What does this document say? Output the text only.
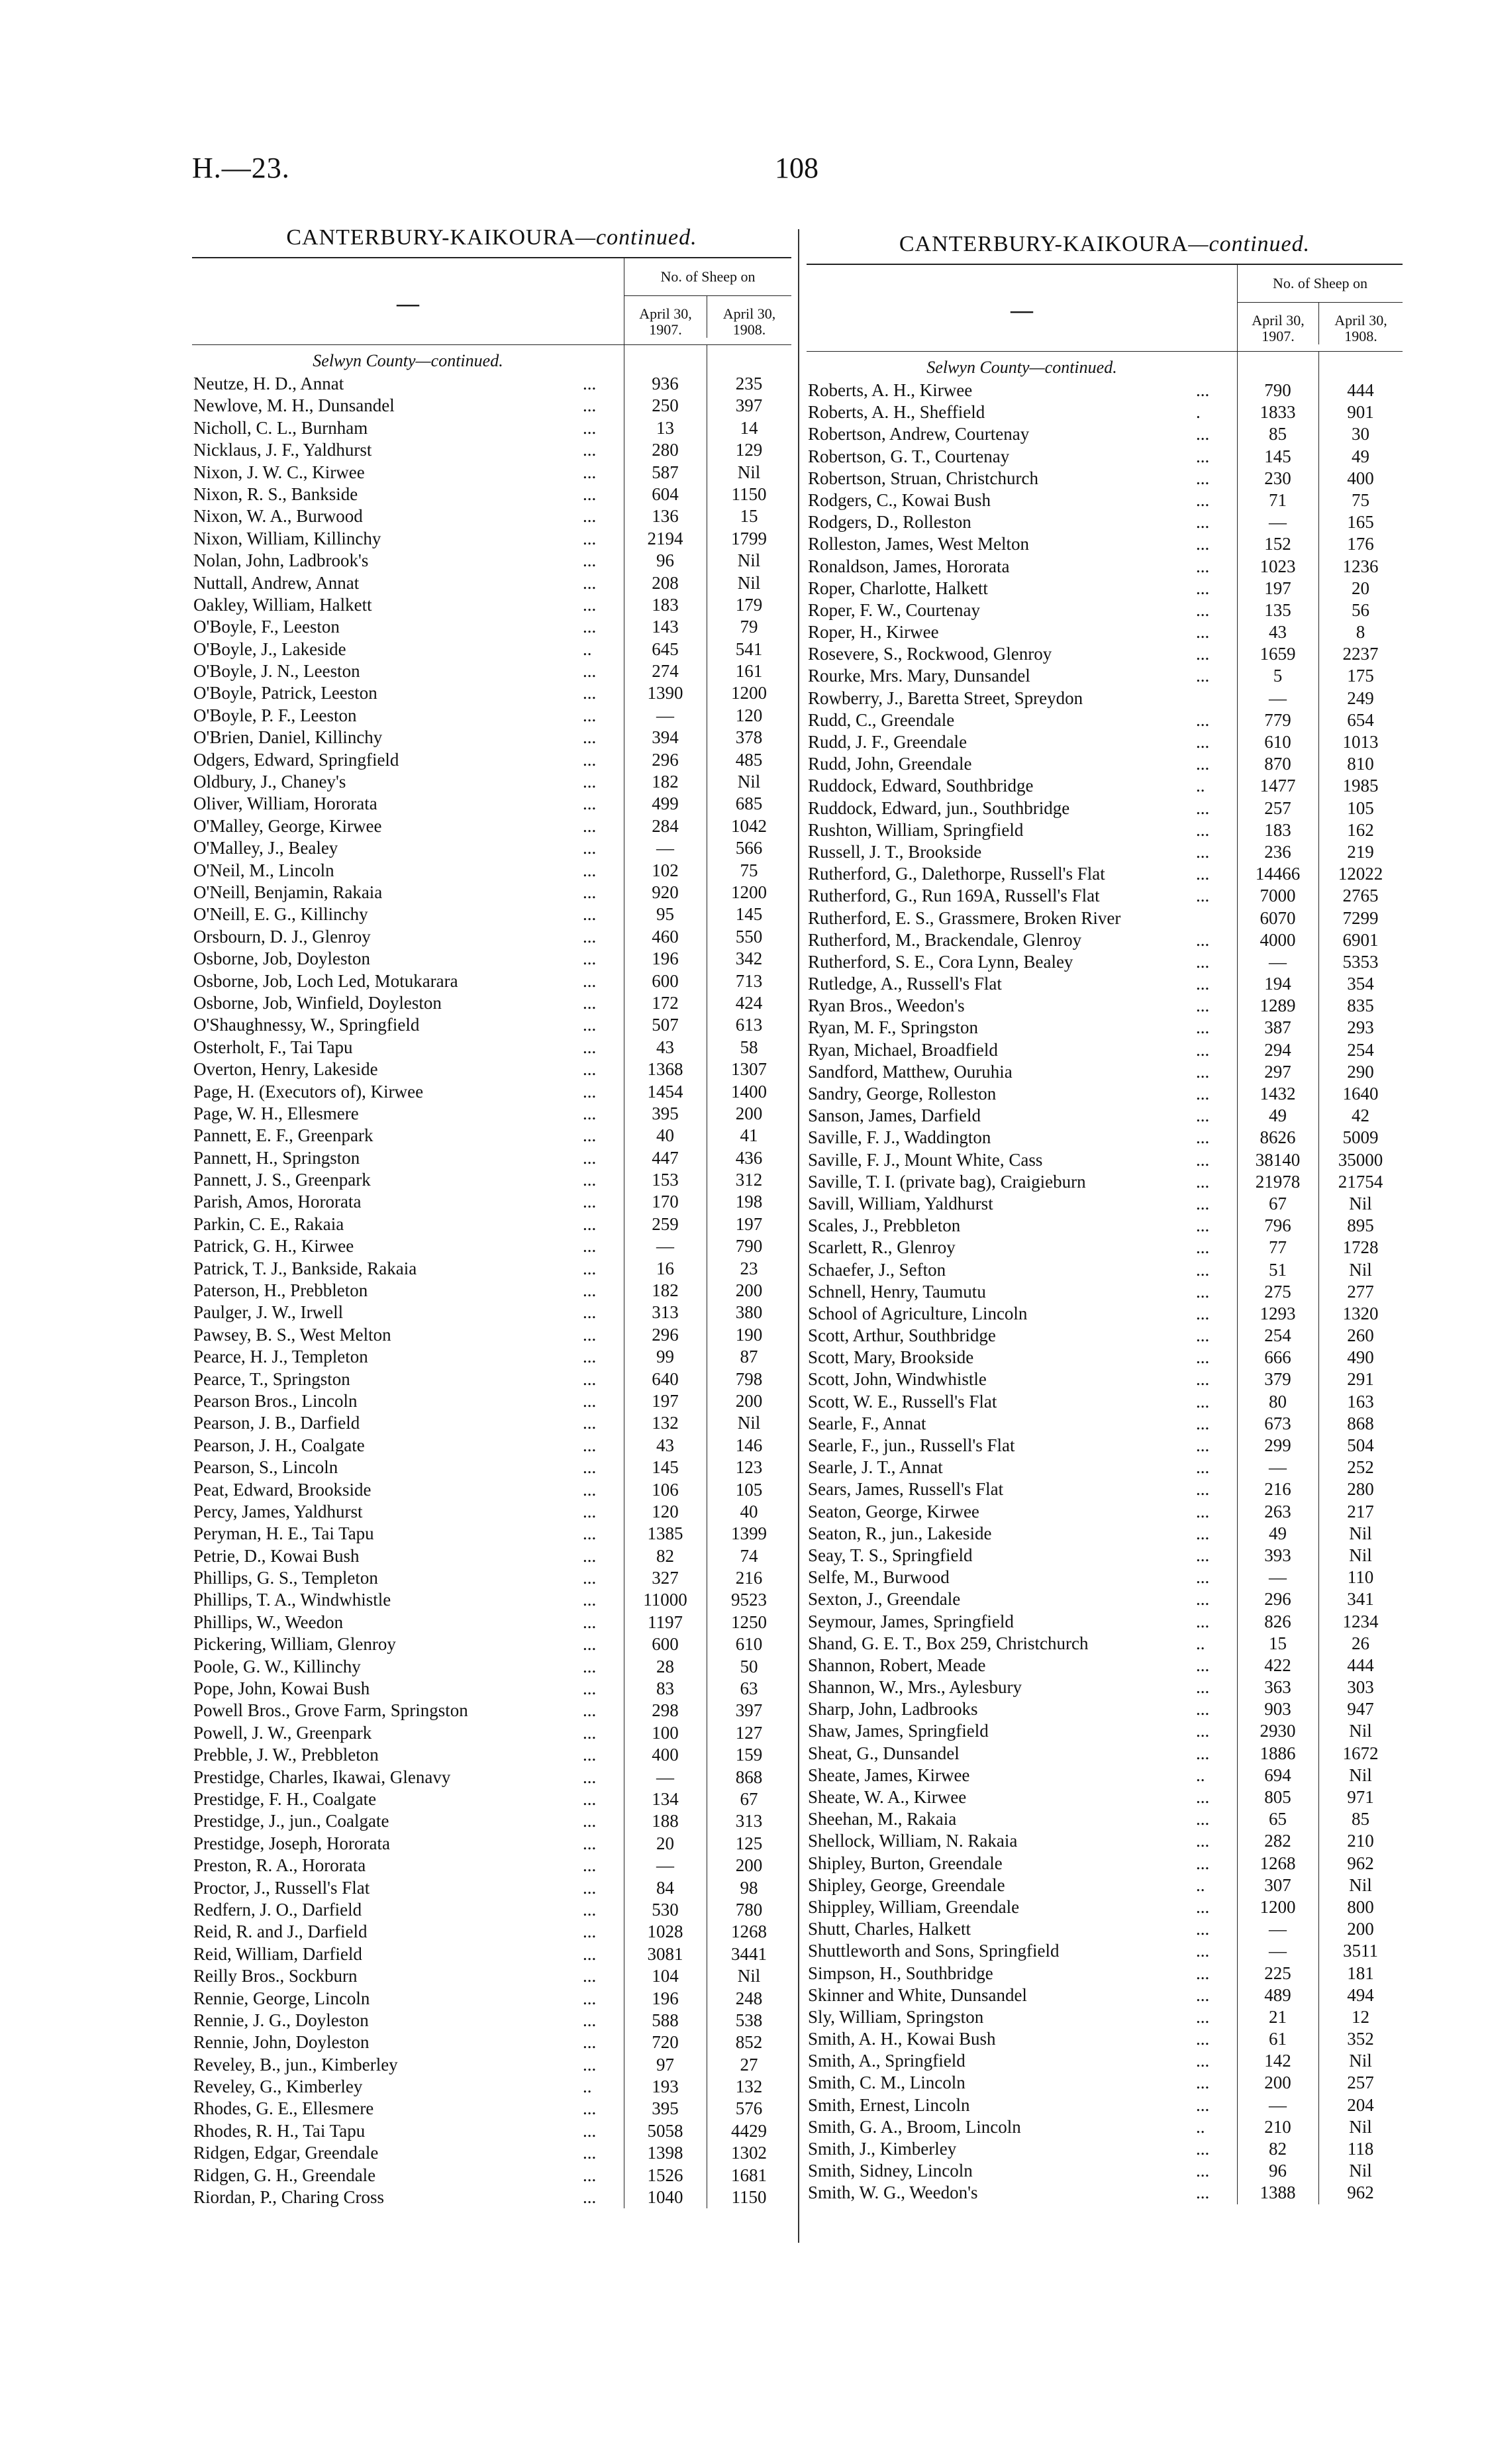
H.—23.	108
CANTERBURY-KAIKOURA—continued.
—
No. of Sheep on
April 30, 1907.
April 30, 1908.
Selwyn County—continued.
Neutze, H. D., Annat	...	936	235
Newlove, M. H., Dunsandel	...	250	397
Nicholl, C. L., Burnham	...	13	14
Nicklaus, J. F., Yaldhurst	...	280	129
Nixon, J. W. C., Kirwee	...	587	Nil
Nixon, R. S., Bankside	...	604	1150
Nixon, W. A., Burwood	...	136	15
Nixon, William, Killinchy	...	2194	1799
Nolan, John, Ladbrook's	...	96	Nil
Nuttall, Andrew, Annat	...	208	Nil
Oakley, William, Halkett	...	183	179
O'Boyle, F., Leeston	...	143	79
O'Boyle, J., Lakeside	..	645	541
O'Boyle, J. N., Leeston	...	274	161
O'Boyle, Patrick, Leeston	...	1390	1200
O'Boyle, P. F., Leeston	...	—	120
O'Brien, Daniel, Killinchy	...	394	378
Odgers, Edward, Springfield	...	296	485
Oldbury, J., Chaney's	...	182	Nil
Oliver, William, Hororata	...	499	685
O'Malley, George, Kirwee	...	284	1042
O'Malley, J., Bealey	...	—	566
O'Neil, M., Lincoln	...	102	75
O'Neill, Benjamin, Rakaia	...	920	1200
O'Neill, E. G., Killinchy	...	95	145
Orsbourn, D. J., Glenroy	...	460	550
Osborne, Job, Doyleston	...	196	342
Osborne, Job, Loch Led, Motukarara	...	600	713
Osborne, Job, Winfield, Doyleston	...	172	424
O'Shaughnessy, W., Springfield	...	507	613
Osterholt, F., Tai Tapu	...	43	58
Overton, Henry, Lakeside	...	1368	1307
Page, H. (Executors of), Kirwee	...	1454	1400
Page, W. H., Ellesmere	...	395	200
Pannett, E. F., Greenpark	...	40	41
Pannett, H., Springston	...	447	436
Pannett, J. S., Greenpark	...	153	312
Parish, Amos, Hororata	...	170	198
Parkin, C. E., Rakaia	...	259	197
Patrick, G. H., Kirwee	...	—	790
Patrick, T. J., Bankside, Rakaia	...	16	23
Paterson, H., Prebbleton	...	182	200
Paulger, J. W., Irwell	...	313	380
Pawsey, B. S., West Melton	...	296	190
Pearce, H. J., Templeton	...	99	87
Pearce, T., Springston	...	640	798
Pearson Bros., Lincoln	...	197	200
Pearson, J. B., Darfield	...	132	Nil
Pearson, J. H., Coalgate	...	43	146
Pearson, S., Lincoln	...	145	123
Peat, Edward, Brookside	...	106	105
Percy, James, Yaldhurst	...	120	40
Peryman, H. E., Tai Tapu	...	1385	1399
Petrie, D., Kowai Bush	...	82	74
Phillips, G. S., Templeton	...	327	216
Phillips, T. A., Windwhistle	...	11000	9523
Phillips, W., Weedon	...	1197	1250
Pickering, William, Glenroy	...	600	610
Poole, G. W., Killinchy	...	28	50
Pope, John, Kowai Bush	...	83	63
Powell Bros., Grove Farm, Springston	...	298	397
Powell, J. W., Greenpark	...	100	127
Prebble, J. W., Prebbleton	...	400	159
Prestidge, Charles, Ikawai, Glenavy	...	—	868
Prestidge, F. H., Coalgate	...	134	67
Prestidge, J., jun., Coalgate	...	188	313
Prestidge, Joseph, Hororata	...	20	125
Preston, R. A., Hororata	...	—	200
Proctor, J., Russell's Flat	...	84	98
Redfern, J. O., Darfield	...	530	780
Reid, R. and J., Darfield	...	1028	1268
Reid, William, Darfield	...	3081	3441
Reilly Bros., Sockburn	...	104	Nil
Rennie, George, Lincoln	...	196	248
Rennie, J. G., Doyleston	...	588	538
Rennie, John, Doyleston	...	720	852
Reveley, B., jun., Kimberley	...	97	27
Reveley, G., Kimberley	..	193	132
Rhodes, G. E., Ellesmere	...	395	576
Rhodes, R. H., Tai Tapu	...	5058	4429
Ridgen, Edgar, Greendale	...	1398	1302
Ridgen, G. H., Greendale	...	1526	1681
Riordan, P., Charing Cross	...	1040	1150
CANTERBURY-KAIKOURA—continued.
—
No. of Sheep on
April 30, 1907.
April 30, 1908.
Selwyn County—continued.
Roberts, A. H., Kirwee	...	790	444
Roberts, A. H., Sheffield	.	1833	901
Robertson, Andrew, Courtenay	...	85	30
Robertson, G. T., Courtenay	...	145	49
Robertson, Struan, Christchurch	...	230	400
Rodgers, C., Kowai Bush	...	71	75
Rodgers, D., Rolleston	...	—	165
Rolleston, James, West Melton	...	152	176
Ronaldson, James, Hororata	...	1023	1236
Roper, Charlotte, Halkett	...	197	20
Roper, F. W., Courtenay	...	135	56
Roper, H., Kirwee	...	43	8
Rosevere, S., Rockwood, Glenroy	...	1659	2237
Rourke, Mrs. Mary, Dunsandel	...	5	175
Rowberry, J., Baretta Street, Spreydon	—	249
Rudd, C., Greendale	...	779	654
Rudd, J. F., Greendale	...	610	1013
Rudd, John, Greendale	...	870	810
Ruddock, Edward, Southbridge	..	1477	1985
Ruddock, Edward, jun., Southbridge	...	257	105
Rushton, William, Springfield	...	183	162
Russell, J. T., Brookside	...	236	219
Rutherford, G., Dalethorpe, Russell's Flat	...	14466	12022
Rutherford, G., Run 169A, Russell's Flat	...	7000	2765
Rutherford, E. S., Grassmere, Broken River	6070	7299
Rutherford, M., Brackendale, Glenroy	...	4000	6901
Rutherford, S. E., Cora Lynn, Bealey	...	—	5353
Rutledge, A., Russell's Flat	...	194	354
Ryan Bros., Weedon's	...	1289	835
Ryan, M. F., Springston	...	387	293
Ryan, Michael, Broadfield	...	294	254
Sandford, Matthew, Ouruhia	...	297	290
Sandry, George, Rolleston	...	1432	1640
Sanson, James, Darfield	...	49	42
Saville, F. J., Waddington	...	8626	5009
Saville, F. J., Mount White, Cass	...	38140	35000
Saville, T. I. (private bag), Craigieburn	...	21978	21754
Savill, William, Yaldhurst	...	67	Nil
Scales, J., Prebbleton	...	796	895
Scarlett, R., Glenroy	...	77	1728
Schaefer, J., Sefton	...	51	Nil
Schnell, Henry, Taumutu	...	275	277
School of Agriculture, Lincoln	...	1293	1320
Scott, Arthur, Southbridge	...	254	260
Scott, Mary, Brookside	...	666	490
Scott, John, Windwhistle	...	379	291
Scott, W. E., Russell's Flat	...	80	163
Searle, F., Annat	...	673	868
Searle, F., jun., Russell's Flat	...	299	504
Searle, J. T., Annat	...	—	252
Sears, James, Russell's Flat	...	216	280
Seaton, George, Kirwee	...	263	217
Seaton, R., jun., Lakeside	...	49	Nil
Seay, T. S., Springfield	...	393	Nil
Selfe, M., Burwood	...	—	110
Sexton, J., Greendale	...	296	341
Seymour, James, Springfield	...	826	1234
Shand, G. E. T., Box 259, Christchurch	..	15	26
Shannon, Robert, Meade	...	422	444
Shannon, W., Mrs., Aylesbury	...	363	303
Sharp, John, Ladbrooks	...	903	947
Shaw, James, Springfield	...	2930	Nil
Sheat, G., Dunsandel	...	1886	1672
Sheate, James, Kirwee	..	694	Nil
Sheate, W. A., Kirwee	...	805	971
Sheehan, M., Rakaia	...	65	85
Shellock, William, N. Rakaia	...	282	210
Shipley, Burton, Greendale	...	1268	962
Shipley, George, Greendale	..	307	Nil
Shippley, William, Greendale	...	1200	800
Shutt, Charles, Halkett	...	—	200
Shuttleworth and Sons, Springfield	...	—	3511
Simpson, H., Southbridge	...	225	181
Skinner and White, Dunsandel	...	489	494
Sly, William, Springston	...	21	12
Smith, A. H., Kowai Bush	...	61	352
Smith, A., Springfield	...	142	Nil
Smith, C. M., Lincoln	...	200	257
Smith, Ernest, Lincoln	...	—	204
Smith, G. A., Broom, Lincoln	..	210	Nil
Smith, J., Kimberley	...	82	118
Smith, Sidney, Lincoln	...	96	Nil
Smith, W. G., Weedon's	...	1388	962
